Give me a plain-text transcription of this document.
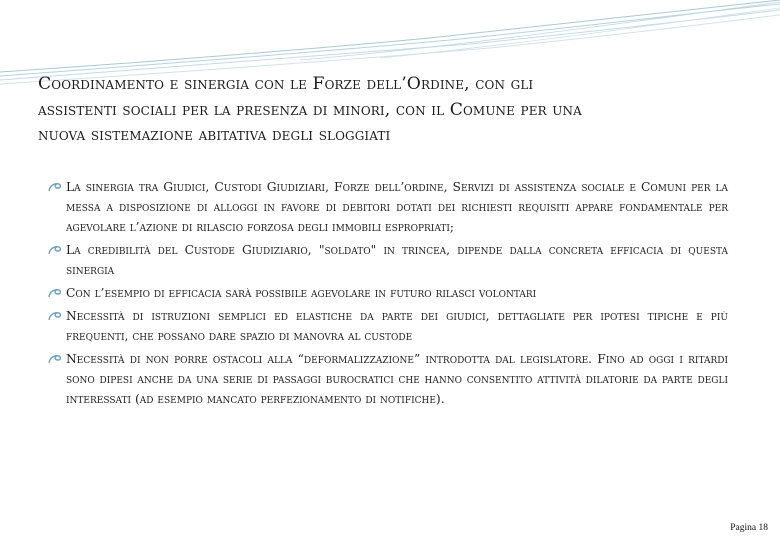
Coordinamento e sinergia con le Forze dell’Ordine, con gli
assistenti sociali per la presenza di minori, con il Comune per una
nuova sistemazione abitativa degli sloggiati
La sinergia tra Giudici, Custodi Giudiziari, Forze dell’ordine, Servizi di assistenza sociale e Comuni per la messa a disposizione di alloggi in favore di debitori dotati dei richiesti requisiti appare fondamentale per agevolare l’azione di rilascio forzosa degli immobili espropriati;
La credibilità del Custode Giudiziario, "soldato" in trincea, dipende dalla concreta efficacia di questa sinergia
Con l’esempio di efficacia sarà possibile agevolare in futuro rilasci volontari
Necessità di istruzioni semplici ed elastiche da parte dei giudici, dettagliate per ipotesi tipiche e più frequenti, che possano dare spazio di manovra al custode
Necessità di non porre ostacoli alla “deformalizzazione” introdotta dal legislatore. Fino ad oggi i ritardi sono dipesi anche da una serie di passaggi burocratici che hanno consentito attività dilatorie da parte degli interessati (ad esempio mancato perfezionamento di notifiche).
Pagina 18
